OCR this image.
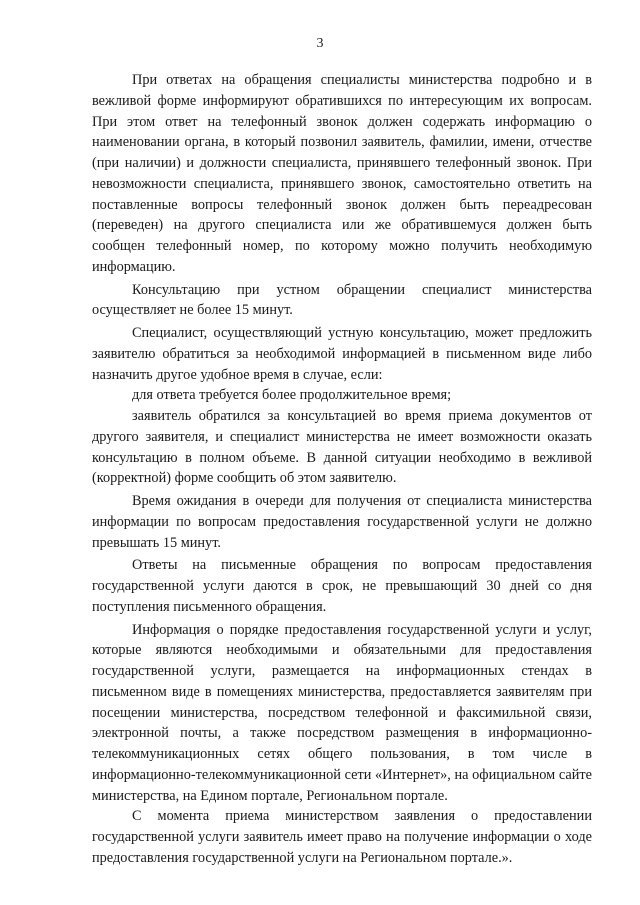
3

При ответах на обращения специалисты министерства подробно и в вежливой форме информируют обратившихся по интересующим их вопросам. При этом ответ на телефонный звонок должен содержать информацию о наименовании органа, в который позвонил заявитель, фамилии, имени, отчестве (при наличии) и должности специалиста, принявшего телефонный звонок. При невозможности специалиста, принявшего звонок, самостоятельно ответить на поставленные вопросы телефонный звонок должен быть переадресован (переведен) на другого специалиста или же обратившемуся должен быть сообщен телефонный номер, по которому можно получить необходимую информацию.

Консультацию при устном обращении специалист министерства осуществляет не более 15 минут.

Специалист, осуществляющий устную консультацию, может предложить заявителю обратиться за необходимой информацией в письменном виде либо назначить другое удобное время в случае, если:

для ответа требуется более продолжительное время;

заявитель обратился за консультацией во время приема документов от другого заявителя, и специалист министерства не имеет возможности оказать консультацию в полном объеме. В данной ситуации необходимо в вежливой (корректной) форме сообщить об этом заявителю.

Время ожидания в очереди для получения от специалиста министерства информации по вопросам предоставления государственной услуги не должно превышать 15 минут.

Ответы на письменные обращения по вопросам предоставления государственной услуги даются в срок, не превышающий 30 дней со дня поступления письменного обращения.

Информация о порядке предоставления государственной услуги и услуг, которые являются необходимыми и обязательными для предоставления государственной услуги, размещается на информационных стендах в письменном виде в помещениях министерства, предоставляется заявителям при посещении министерства, посредством телефонной и факсимильной связи, электронной почты, а также посредством размещения в информационно-телекоммуникационных сетях общего пользования, в том числе в информационно-телекоммуникационной сети «Интернет», на официальном сайте министерства, на Едином портале, Региональном портале.

С момента приема министерством заявления о предоставлении государственной услуги заявитель имеет право на получение информации о ходе предоставления государственной услуги на Региональном портале.».
